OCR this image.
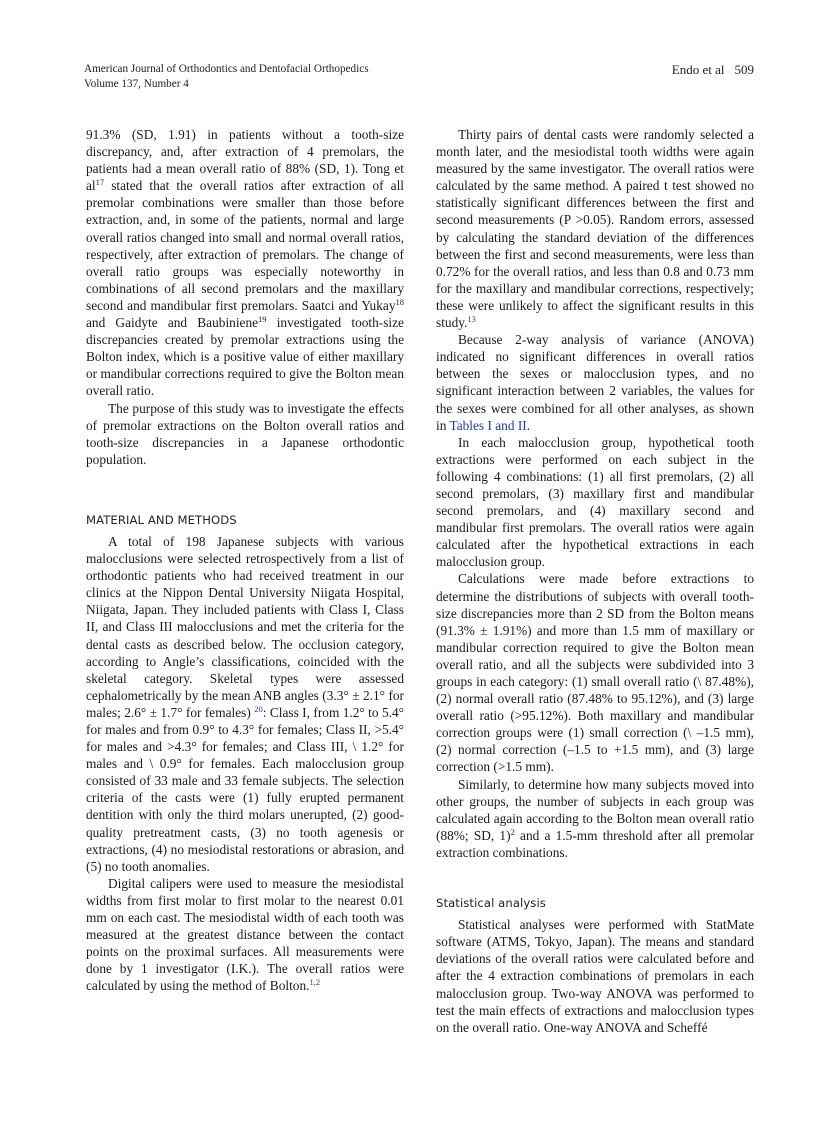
American Journal of Orthodontics and Dentofacial Orthopedics
Volume 137, Number 4
Endo et al 509

91.3% (SD, 1.91) in patients without a tooth-size discrepancy, and, after extraction of 4 premolars, the patients had a mean overall ratio of 88% (SD, 1). Tong et $al^{17}$ stated that the overall ratios after extraction of all premolar combinations were smaller than those before extraction, and, in some of the patients, normal and large overall ratios changed into small and normal overall ratios, respectively, after extraction of premolars. The change of overall ratio groups was especially noteworthy in combinations of all second premolars and the maxillary second and mandibular first premolars. Saatci and Yukay$^{18}$ and Gaidyte and Baubiniene$^{19}$ investigated tooth-size discrepancies created by premolar extractions using the Bolton index, which is a positive value of either maxillary or mandibular corrections required to give the Bolton mean overall ratio.

The purpose of this study was to investigate the effects of premolar extractions on the Bolton overall ratios and tooth-size discrepancies in a Japanese orthodontic population.

MATERIAL AND METHODS

A total of 198 Japanese subjects with various malocclusions were selected retrospectively from a list of orthodontic patients who had received treatment in our clinics at the Nippon Dental University Niigata Hospital, Niigata, Japan. They included patients with Class I, Class II, and Class III malocclusions and met the criteria for the dental casts as described below. The occlusion category, according to Angle’s classifications, coincided with the skeletal category. Skeletal types were assessed cephalometrically by the mean ANB angles (3.3° ± 2.1° for males; 2.6° ± 1.7° for females) $^{20}$: Class I, from 1.2° to 5.4° for males and from 0.9° to 4.3° for females; Class II, >5.4° for males and >4.3° for females; and Class III, \ 1.2° for males and \ 0.9° for females. Each malocclusion group consisted of 33 male and 33 female subjects. The selection criteria of the casts were (1) fully erupted permanent dentition with only the third molars unerupted, (2) good-quality pretreatment casts, (3) no tooth agenesis or extractions, (4) no mesiodistal restorations or abrasion, and (5) no tooth anomalies.

Digital calipers were used to measure the mesiodistal widths from first molar to first molar to the nearest 0.01 mm on each cast. The mesiodistal width of each tooth was measured at the greatest distance between the contact points on the proximal surfaces. All measurements were done by 1 investigator (I.K.). The overall ratios were calculated by using the method of Bolton.$^{1,2}$

Thirty pairs of dental casts were randomly selected a month later, and the mesiodistal tooth widths were again measured by the same investigator. The overall ratios were calculated by the same method. A paired t test showed no statistically significant differences between the first and second measurements (P >0.05). Random errors, assessed by calculating the standard deviation of the differences between the first and second measurements, were less than 0.72% for the overall ratios, and less than 0.8 and 0.73 mm for the maxillary and mandibular corrections, respectively; these were unlikely to affect the significant results in this study.$^{13}$

Because 2-way analysis of variance (ANOVA) indicated no significant differences in overall ratios between the sexes or malocclusion types, and no significant interaction between 2 variables, the values for the sexes were combined for all other analyses, as shown in Tables I and II.

In each malocclusion group, hypothetical tooth extractions were performed on each subject in the following 4 combinations: (1) all first premolars, (2) all second premolars, (3) maxillary first and mandibular second premolars, and (4) maxillary second and mandibular first premolars. The overall ratios were again calculated after the hypothetical extractions in each malocclusion group.

Calculations were made before extractions to determine the distributions of subjects with overall tooth-size discrepancies more than 2 SD from the Bolton means (91.3% ± 1.91%) and more than 1.5 mm of maxillary or mandibular correction required to give the Bolton mean overall ratio, and all the subjects were subdivided into 3 groups in each category: (1) small overall ratio (\ 87.48%), (2) normal overall ratio (87.48% to 95.12%), and (3) large overall ratio (>95.12%). Both maxillary and mandibular correction groups were (1) small correction (\ –1.5 mm), (2) normal correction (–1.5 to +1.5 mm), and (3) large correction (>1.5 mm).

Similarly, to determine how many subjects moved into other groups, the number of subjects in each group was calculated again according to the Bolton mean overall ratio (88%; SD, 1)$^2$ and a 1.5-mm threshold after all premolar extraction combinations.

Statistical analysis

Statistical analyses were performed with StatMate software (ATMS, Tokyo, Japan). The means and standard deviations of the overall ratios were calculated before and after the 4 extraction combinations of premolars in each malocclusion group. Two-way ANOVA was performed to test the main effects of extractions and malocclusion types on the overall ratio. One-way ANOVA and Scheffé
